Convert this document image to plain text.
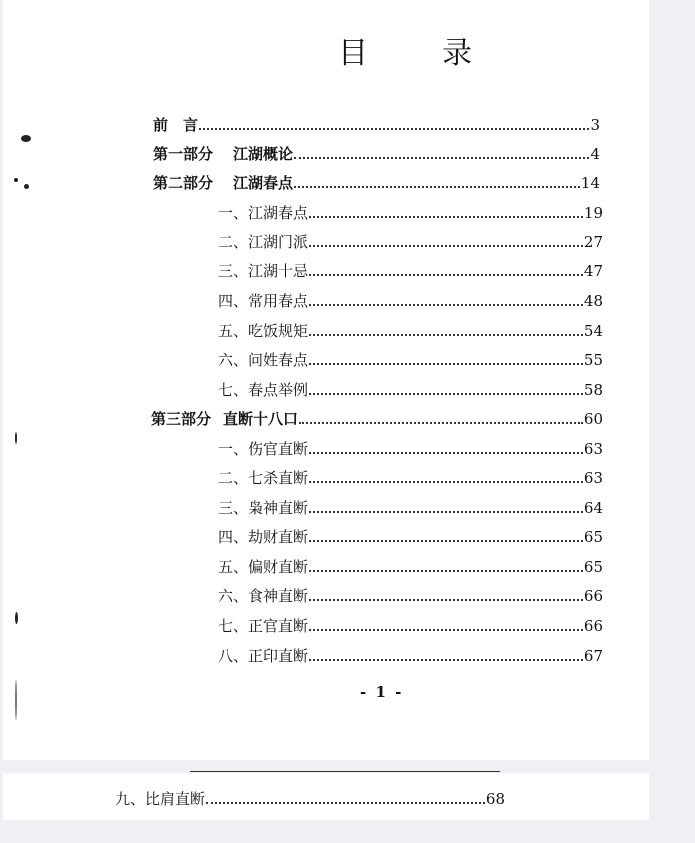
目　录
前　言	3
第一部分 江湖概论	4
第二部分 江湖春点	14
一、江湖春点	19
二、江湖门派	27
三、江湖十忌	47
四、常用春点	48
五、吃饭规矩	54
六、问姓春点	55
七、春点举例	58
第三部分 直断十八口	60
一、伤官直断	63
二、七杀直断	63
三、枭神直断	64
四、劫财直断	65
五、偏财直断	65
六、食神直断	66
七、正官直断	66
八、正印直断	67
- 1 -
九、比肩直断	68
